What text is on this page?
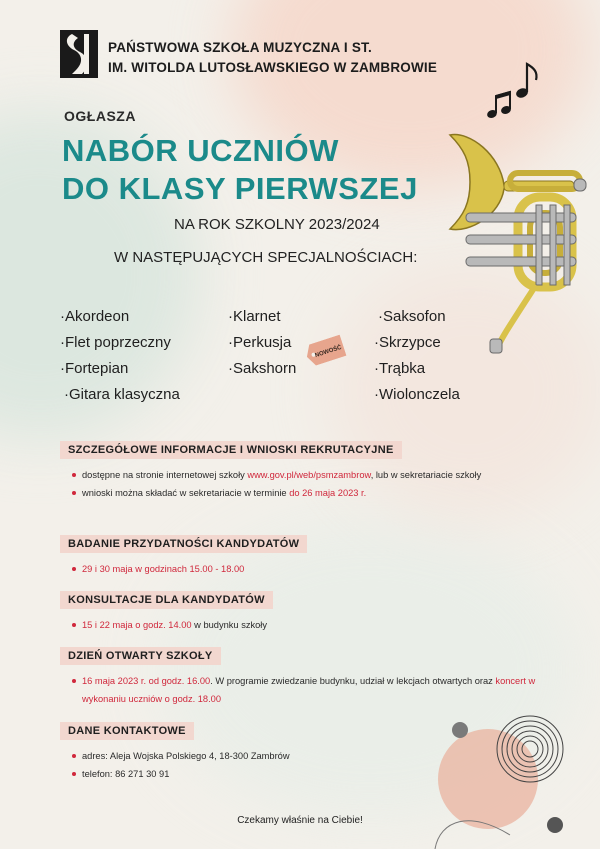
PAŃSTWOWA SZKOŁA MUZYCZNA I ST.
IM. WITOLDA LUTOSŁAWSKIEGO W ZAMBROWIE
OGŁASZA
NABÓR UCZNIÓW
DO KLASY PIERWSZEJ
NA ROK SZKOLNY 2023/2024
W NASTĘPUJĄCYCH SPECJALNOŚCIACH:
·Akordeon
·Flet poprzeczny
·Fortepian
·Gitara klasyczna
·Klarnet
·Perkusja
·Sakshorn
·Saksofon
·Skrzypce
·Trąbka
·Wiolonczela
NOWOŚĆ
SZCZEGÓŁOWE INFORMACJE I WNIOSKI REKRUTACYJNE
dostępne na stronie internetowej szkoły www.gov.pl/web/psmzambrow, lub w sekretariacie szkoły
wnioski można składać w sekretariacie w terminie do 26 maja 2023 r.
BADANIE PRZYDATNOŚCI KANDYDATÓW
29 i 30 maja w godzinach 15.00 - 18.00
KONSULTACJE DLA KANDYDATÓW
15 i 22 maja o godz. 14.00 w budynku szkoły
DZIEŃ OTWARTY SZKOŁY
16 maja 2023 r. od godz. 16.00. W programie zwiedzanie budynku, udział w lekcjach otwartych oraz koncert w wykonaniu uczniów o godz. 18.00
DANE KONTAKTOWE
adres: Aleja Wojska Polskiego 4, 18-300 Zambrów
telefon: 86 271 30 91
Czekamy właśnie na Ciebie!
